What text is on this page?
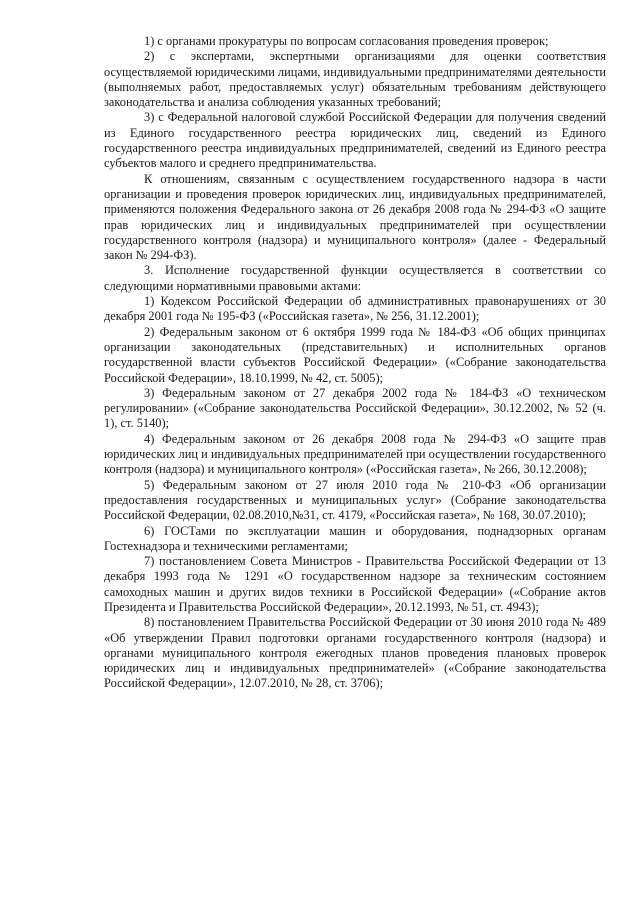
1) с органами прокуратуры по вопросам согласования проведения проверок;

2) с экспертами, экспертными организациями для оценки соответствия осуществляемой юридическими лицами, индивидуальными предпринимателями деятельности (выполняемых работ, предоставляемых услуг) обязательным требованиям действующего законодательства и анализа соблюдения указанных требований;

3) с Федеральной налоговой службой Российской Федерации для получения сведений из Единого государственного реестра юридических лиц, сведений из Единого государственного реестра индивидуальных предпринимателей, сведений из Единого реестра субъектов малого и среднего предпринимательства.

К отношениям, связанным с осуществлением государственного надзора в части организации и проведения проверок юридических лиц, индивидуальных предпринимателей, применяются положения Федерального закона от 26 декабря 2008 года № 294-ФЗ «О защите прав юридических лиц и индивидуальных предпринимателей при осуществлении государственного контроля (надзора) и муниципального контроля» (далее - Федеральный закон № 294-ФЗ).

3. Исполнение государственной функции осуществляется в соответствии со следующими нормативными правовыми актами:

1) Кодексом Российской Федерации об административных правонарушениях от 30 декабря 2001 года № 195-ФЗ («Российская газета», № 256, 31.12.2001);

2) Федеральным законом от 6 октября 1999 года № 184-ФЗ «Об общих принципах организации законодательных (представительных) и исполнительных органов государственной власти субъектов Российской Федерации» («Собрание законодательства Российской Федерации», 18.10.1999, № 42, ст. 5005);

3) Федеральным законом от 27 декабря 2002 года № 184-ФЗ «О техническом регулировании» («Собрание законодательства Российской Федерации», 30.12.2002, № 52 (ч. 1), ст. 5140);

4) Федеральным законом от 26 декабря 2008 года № 294-ФЗ «О защите прав юридических лиц и индивидуальных предпринимателей при осуществлении государственного контроля (надзора) и муниципального контроля» («Российская газета», № 266, 30.12.2008);

5) Федеральным законом от 27 июля 2010 года № 210-ФЗ «Об организации предоставления государственных и муниципальных услуг» (Собрание законодательства Российской Федерации, 02.08.2010,№31, ст. 4179, «Российская газета», № 168, 30.07.2010);

6) ГОСТами по эксплуатации машин и оборудования, поднадзорных органам Гостехнадзора и техническими регламентами;

7) постановлением Совета Министров - Правительства Российской Федерации от 13 декабря 1993 года № 1291 «О государственном надзоре за техническим состоянием самоходных машин и других видов техники в Российской Федерации» («Собрание актов Президента и Правительства Российской Федерации», 20.12.1993, № 51, ст. 4943);

8) постановлением Правительства Российской Федерации от 30 июня 2010 года № 489 «Об утверждении Правил подготовки органами государственного контроля (надзора) и органами муниципального контроля ежегодных планов проведения плановых проверок юридических лиц и индивидуальных предпринимателей» («Собрание законодательства Российской Федерации», 12.07.2010, № 28, ст. 3706);
